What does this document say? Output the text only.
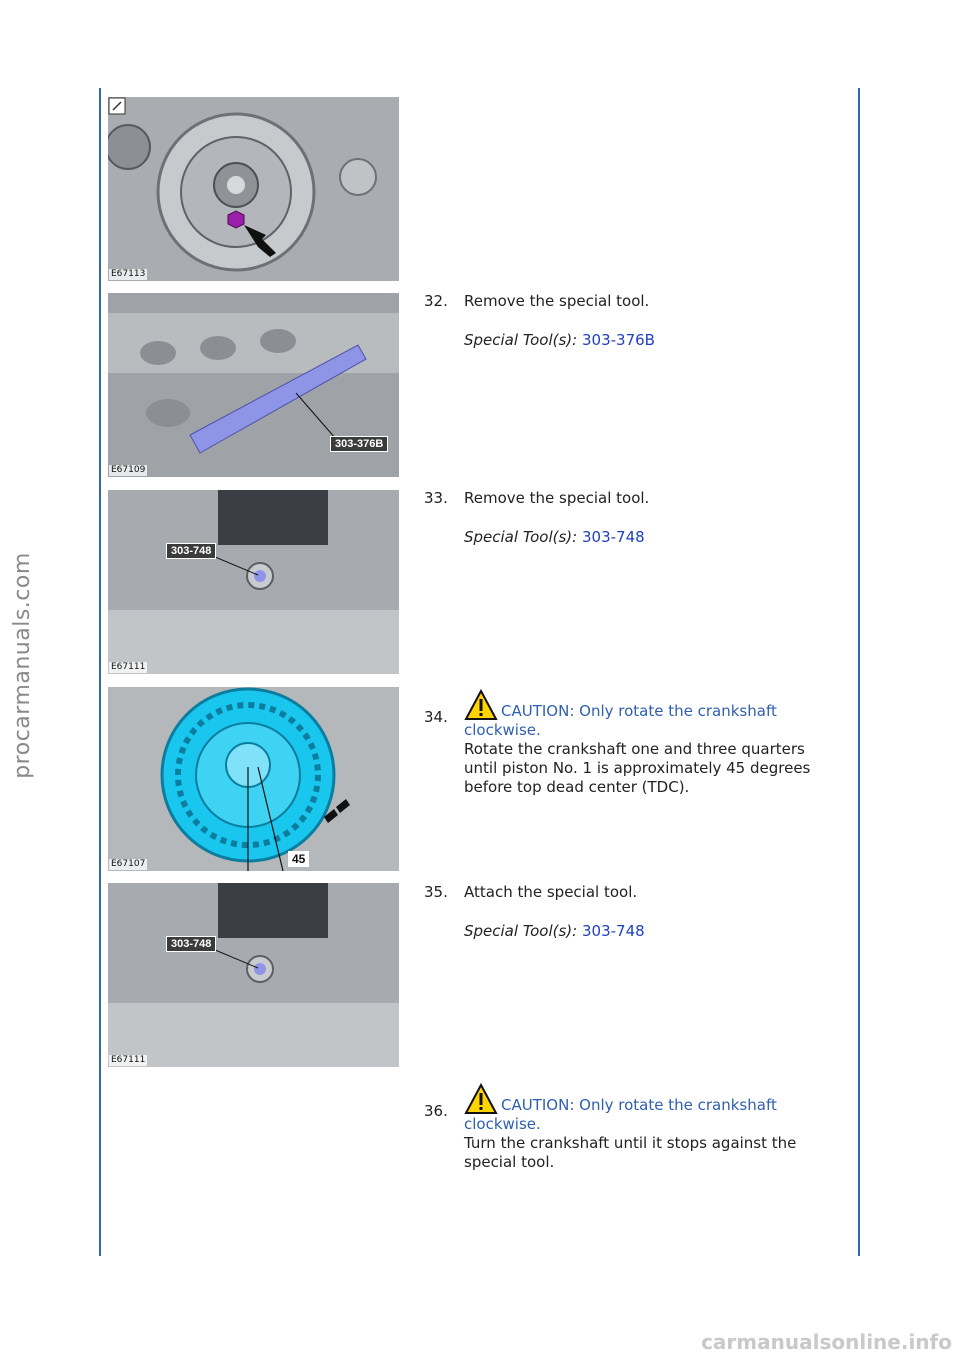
procarmanuals.com
E67113
303-376B
E67109
303-748
E67111
45
E67107
303-748
E67111
32. Remove the special tool.
Special Tool(s): 303-376B
33. Remove the special tool.
Special Tool(s): 303-748
34.	CAUTION: Only rotate the crankshaft
clockwise.
Rotate the crankshaft one and three quarters until piston No. 1 is approximately 45 degrees before top dead center (TDC).
35. Attach the special tool.
Special Tool(s): 303-748
36.	CAUTION: Only rotate the crankshaft
clockwise.
Turn the crankshaft until it stops against the special tool.
carmanualsonline.info
